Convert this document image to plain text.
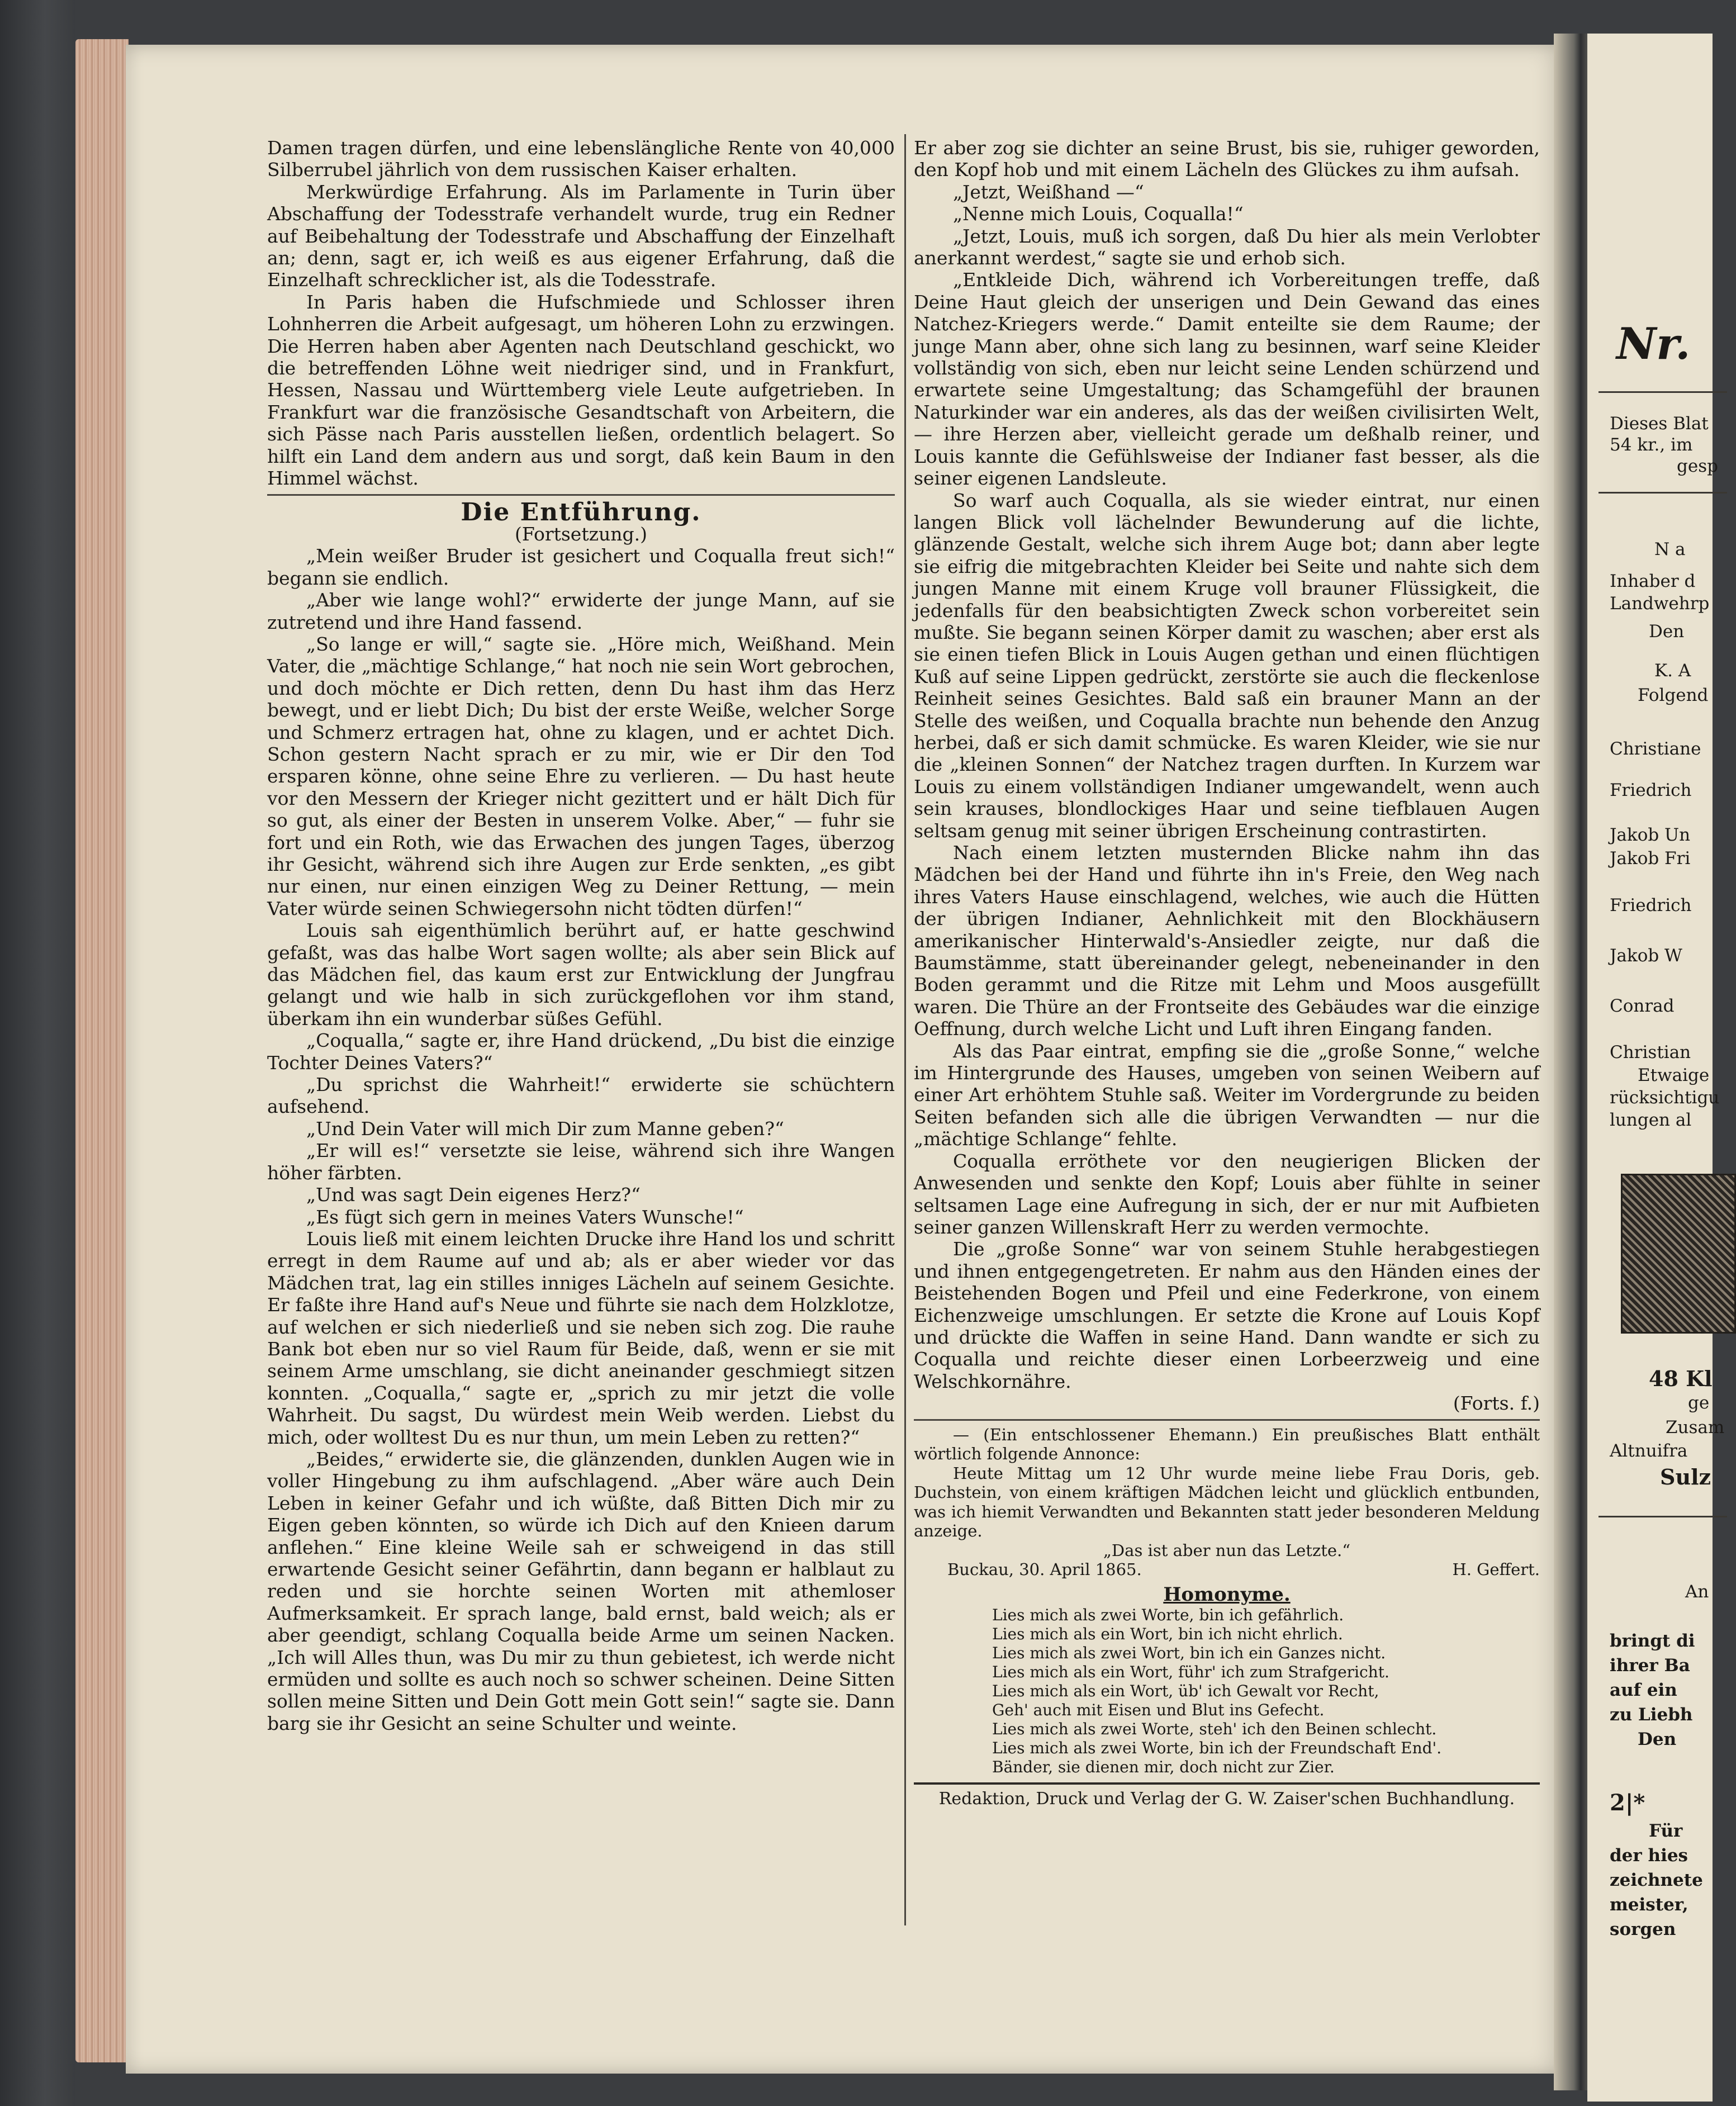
Damen tragen dürfen, und eine lebenslängliche Rente von 40,000 Silberrubel jährlich von dem russischen Kaiser erhalten.

Merkwürdige Erfahrung. Als im Parlamente in Turin über Abschaffung der Todesstrafe verhandelt wurde, trug ein Redner auf Beibehaltung der Todesstrafe und Abschaffung der Einzelhaft an; denn, sagt er, ich weiß es aus eigener Erfahrung, daß die Einzelhaft schrecklicher ist, als die Todesstrafe.

In Paris haben die Hufschmiede und Schlosser ihren Lohnherren die Arbeit aufgesagt, um höheren Lohn zu erzwingen. Die Herren haben aber Agenten nach Deutschland geschickt, wo die betreffenden Löhne weit niedriger sind, und in Frankfurt, Hessen, Nassau und Württemberg viele Leute aufgetrieben. In Frankfurt war die französische Gesandtschaft von Arbeitern, die sich Pässe nach Paris ausstellen ließen, ordentlich belagert. So hilft ein Land dem andern aus und sorgt, daß kein Baum in den Himmel wächst.

Die Entführung.
(Fortsetzung.)

„Mein weißer Bruder ist gesichert und Coqualla freut sich!“ begann sie endlich.

„Aber wie lange wohl?“ erwiderte der junge Mann, auf sie zutretend und ihre Hand fassend.

„So lange er will,“ sagte sie. „Höre mich, Weißhand. Mein Vater, die „mächtige Schlange,“ hat noch nie sein Wort gebrochen, und doch möchte er Dich retten, denn Du hast ihm das Herz bewegt, und er liebt Dich; Du bist der erste Weiße, welcher Sorge und Schmerz ertragen hat, ohne zu klagen, und er achtet Dich. Schon gestern Nacht sprach er zu mir, wie er Dir den Tod ersparen könne, ohne seine Ehre zu verlieren. — Du hast heute vor den Messern der Krieger nicht gezittert und er hält Dich für so gut, als einer der Besten in unserem Volke. Aber,“ — fuhr sie fort und ein Roth, wie das Erwachen des jungen Tages, überzog ihr Gesicht, während sich ihre Augen zur Erde senkten, „es gibt nur einen, nur einen einzigen Weg zu Deiner Rettung, — mein Vater würde seinen Schwiegersohn nicht tödten dürfen!“

Louis sah eigenthümlich berührt auf, er hatte geschwind gefaßt, was das halbe Wort sagen wollte; als aber sein Blick auf das Mädchen fiel, das kaum erst zur Entwicklung der Jungfrau gelangt und wie halb in sich zurückgeflohen vor ihm stand, überkam ihn ein wunderbar süßes Gefühl.

„Coqualla,“ sagte er, ihre Hand drückend, „Du bist die einzige Tochter Deines Vaters?“

„Du sprichst die Wahrheit!“ erwiderte sie schüchtern aufsehend.

„Und Dein Vater will mich Dir zum Manne geben?“

„Er will es!“ versetzte sie leise, während sich ihre Wangen höher färbten.

„Und was sagt Dein eigenes Herz?“

„Es fügt sich gern in meines Vaters Wunsche!“

Louis ließ mit einem leichten Drucke ihre Hand los und schritt erregt in dem Raume auf und ab; als er aber wieder vor das Mädchen trat, lag ein stilles inniges Lächeln auf seinem Gesichte. Er faßte ihre Hand auf's Neue und führte sie nach dem Holzklotze, auf welchen er sich niederließ und sie neben sich zog. Die rauhe Bank bot eben nur so viel Raum für Beide, daß, wenn er sie mit seinem Arme umschlang, sie dicht aneinander geschmiegt sitzen konnten. „Coqualla,“ sagte er, „sprich zu mir jetzt die volle Wahrheit. Du sagst, Du würdest mein Weib werden. Liebst du mich, oder wolltest Du es nur thun, um mein Leben zu retten?“

„Beides,“ erwiderte sie, die glänzenden, dunklen Augen wie in voller Hingebung zu ihm aufschlagend. „Aber wäre auch Dein Leben in keiner Gefahr und ich wüßte, daß Bitten Dich mir zu Eigen geben könnten, so würde ich Dich auf den Knieen darum anflehen.“ Eine kleine Weile sah er schweigend in das still erwartende Gesicht seiner Gefährtin, dann begann er halblaut zu reden und sie horchte seinen Worten mit athemloser Aufmerksamkeit. Er sprach lange, bald ernst, bald weich; als er aber geendigt, schlang Coqualla beide Arme um seinen Nacken. „Ich will Alles thun, was Du mir zu thun gebietest, ich werde nicht ermüden und sollte es auch noch so schwer scheinen. Deine Sitten sollen meine Sitten und Dein Gott mein Gott sein!“ sagte sie. Dann barg sie ihr Gesicht an seine Schulter und weinte.

Er aber zog sie dichter an seine Brust, bis sie, ruhiger geworden, den Kopf hob und mit einem Lächeln des Glückes zu ihm aufsah.

„Jetzt, Weißhand —“

„Nenne mich Louis, Coqualla!“

„Jetzt, Louis, muß ich sorgen, daß Du hier als mein Verlobter anerkannt werdest,“ sagte sie und erhob sich.

„Entkleide Dich, während ich Vorbereitungen treffe, daß Deine Haut gleich der unserigen und Dein Gewand das eines Natchez-Kriegers werde.“ Damit enteilte sie dem Raume; der junge Mann aber, ohne sich lang zu besinnen, warf seine Kleider vollständig von sich, eben nur leicht seine Lenden schürzend und erwartete seine Umgestaltung; das Schamgefühl der braunen Naturkinder war ein anderes, als das der weißen civilisirten Welt, — ihre Herzen aber, vielleicht gerade um deßhalb reiner, und Louis kannte die Gefühlsweise der Indianer fast besser, als die seiner eigenen Landsleute.

So warf auch Coqualla, als sie wieder eintrat, nur einen langen Blick voll lächelnder Bewunderung auf die lichte, glänzende Gestalt, welche sich ihrem Auge bot; dann aber legte sie eifrig die mitgebrachten Kleider bei Seite und nahte sich dem jungen Manne mit einem Kruge voll brauner Flüssigkeit, die jedenfalls für den beabsichtigten Zweck schon vorbereitet sein mußte. Sie begann seinen Körper damit zu waschen; aber erst als sie einen tiefen Blick in Louis Augen gethan und einen flüchtigen Kuß auf seine Lippen gedrückt, zerstörte sie auch die fleckenlose Reinheit seines Gesichtes. Bald saß ein brauner Mann an der Stelle des weißen, und Coqualla brachte nun behende den Anzug herbei, daß er sich damit schmücke. Es waren Kleider, wie sie nur die „kleinen Sonnen“ der Natchez tragen durften. In Kurzem war Louis zu einem vollständigen Indianer umgewandelt, wenn auch sein krauses, blondlockiges Haar und seine tiefblauen Augen seltsam genug mit seiner übrigen Erscheinung contrastirten.

Nach einem letzten musternden Blicke nahm ihn das Mädchen bei der Hand und führte ihn in's Freie, den Weg nach ihres Vaters Hause einschlagend, welches, wie auch die Hütten der übrigen Indianer, Aehnlichkeit mit den Blockhäusern amerikanischer Hinterwald's-Ansiedler zeigte, nur daß die Baumstämme, statt übereinander gelegt, nebeneinander in den Boden gerammt und die Ritze mit Lehm und Moos ausgefüllt waren. Die Thüre an der Frontseite des Gebäudes war die einzige Oeffnung, durch welche Licht und Luft ihren Eingang fanden.

Als das Paar eintrat, empfing sie die „große Sonne,“ welche im Hintergrunde des Hauses, umgeben von seinen Weibern auf einer Art erhöhtem Stuhle saß. Weiter im Vordergrunde zu beiden Seiten befanden sich alle die übrigen Verwandten — nur die „mächtige Schlange“ fehlte.

Coqualla erröthete vor den neugierigen Blicken der Anwesenden und senkte den Kopf; Louis aber fühlte in seiner seltsamen Lage eine Aufregung in sich, der er nur mit Aufbieten seiner ganzen Willenskraft Herr zu werden vermochte.

Die „große Sonne“ war von seinem Stuhle herabgestiegen und ihnen entgegengetreten. Er nahm aus den Händen eines der Beistehenden Bogen und Pfeil und eine Federkrone, von einem Eichenzweige umschlungen. Er setzte die Krone auf Louis Kopf und drückte die Waffen in seine Hand. Dann wandte er sich zu Coqualla und reichte dieser einen Lorbeerzweig und eine Welschkornähre.

(Forts. f.)

— (Ein entschlossener Ehemann.) Ein preußisches Blatt enthält wörtlich folgende Annonce:

Heute Mittag um 12 Uhr wurde meine liebe Frau Doris, geb. Duchstein, von einem kräftigen Mädchen leicht und glücklich entbunden, was ich hiemit Verwandten und Bekannten statt jeder besonderen Meldung anzeige.

„Das ist aber nun das Letzte.“

Buckau, 30. April 1865.	H. Geffert.
Homonyme.
Lies mich als zwei Worte, bin ich gefährlich.
Lies mich als ein Wort, bin ich nicht ehrlich.
Lies mich als zwei Wort, bin ich ein Ganzes nicht.
Lies mich als ein Wort, führ' ich zum Strafgericht.
Lies mich als ein Wort, üb' ich Gewalt vor Recht,
Geh' auch mit Eisen und Blut ins Gefecht.
Lies mich als zwei Worte, steh' ich den Beinen schlecht.
Lies mich als zwei Worte, bin ich der Freundschaft End'.
Bänder, sie dienen mir, doch nicht zur Zier.
Redaktion, Druck und Verlag der G. W. Zaiser'schen Buchhandlung.
Nr.
Dieses Blat
54 kr., im
gesp
N a
Inhaber d
Landwehrp
Den
K. A
Folgend
Christiane
Friedrich
Jakob Un
Jakob Fri
Friedrich
Jakob W
Conrad
Christian
Etwaige
rücksichtigu
lungen al
48 Kl
ge
Zusam
Altnuifra
Sulz
An
bringt di
ihrer Ba
auf ein
zu Liebh
Den
2|*
Für
der hies
zeichnete
meister,
sorgen
